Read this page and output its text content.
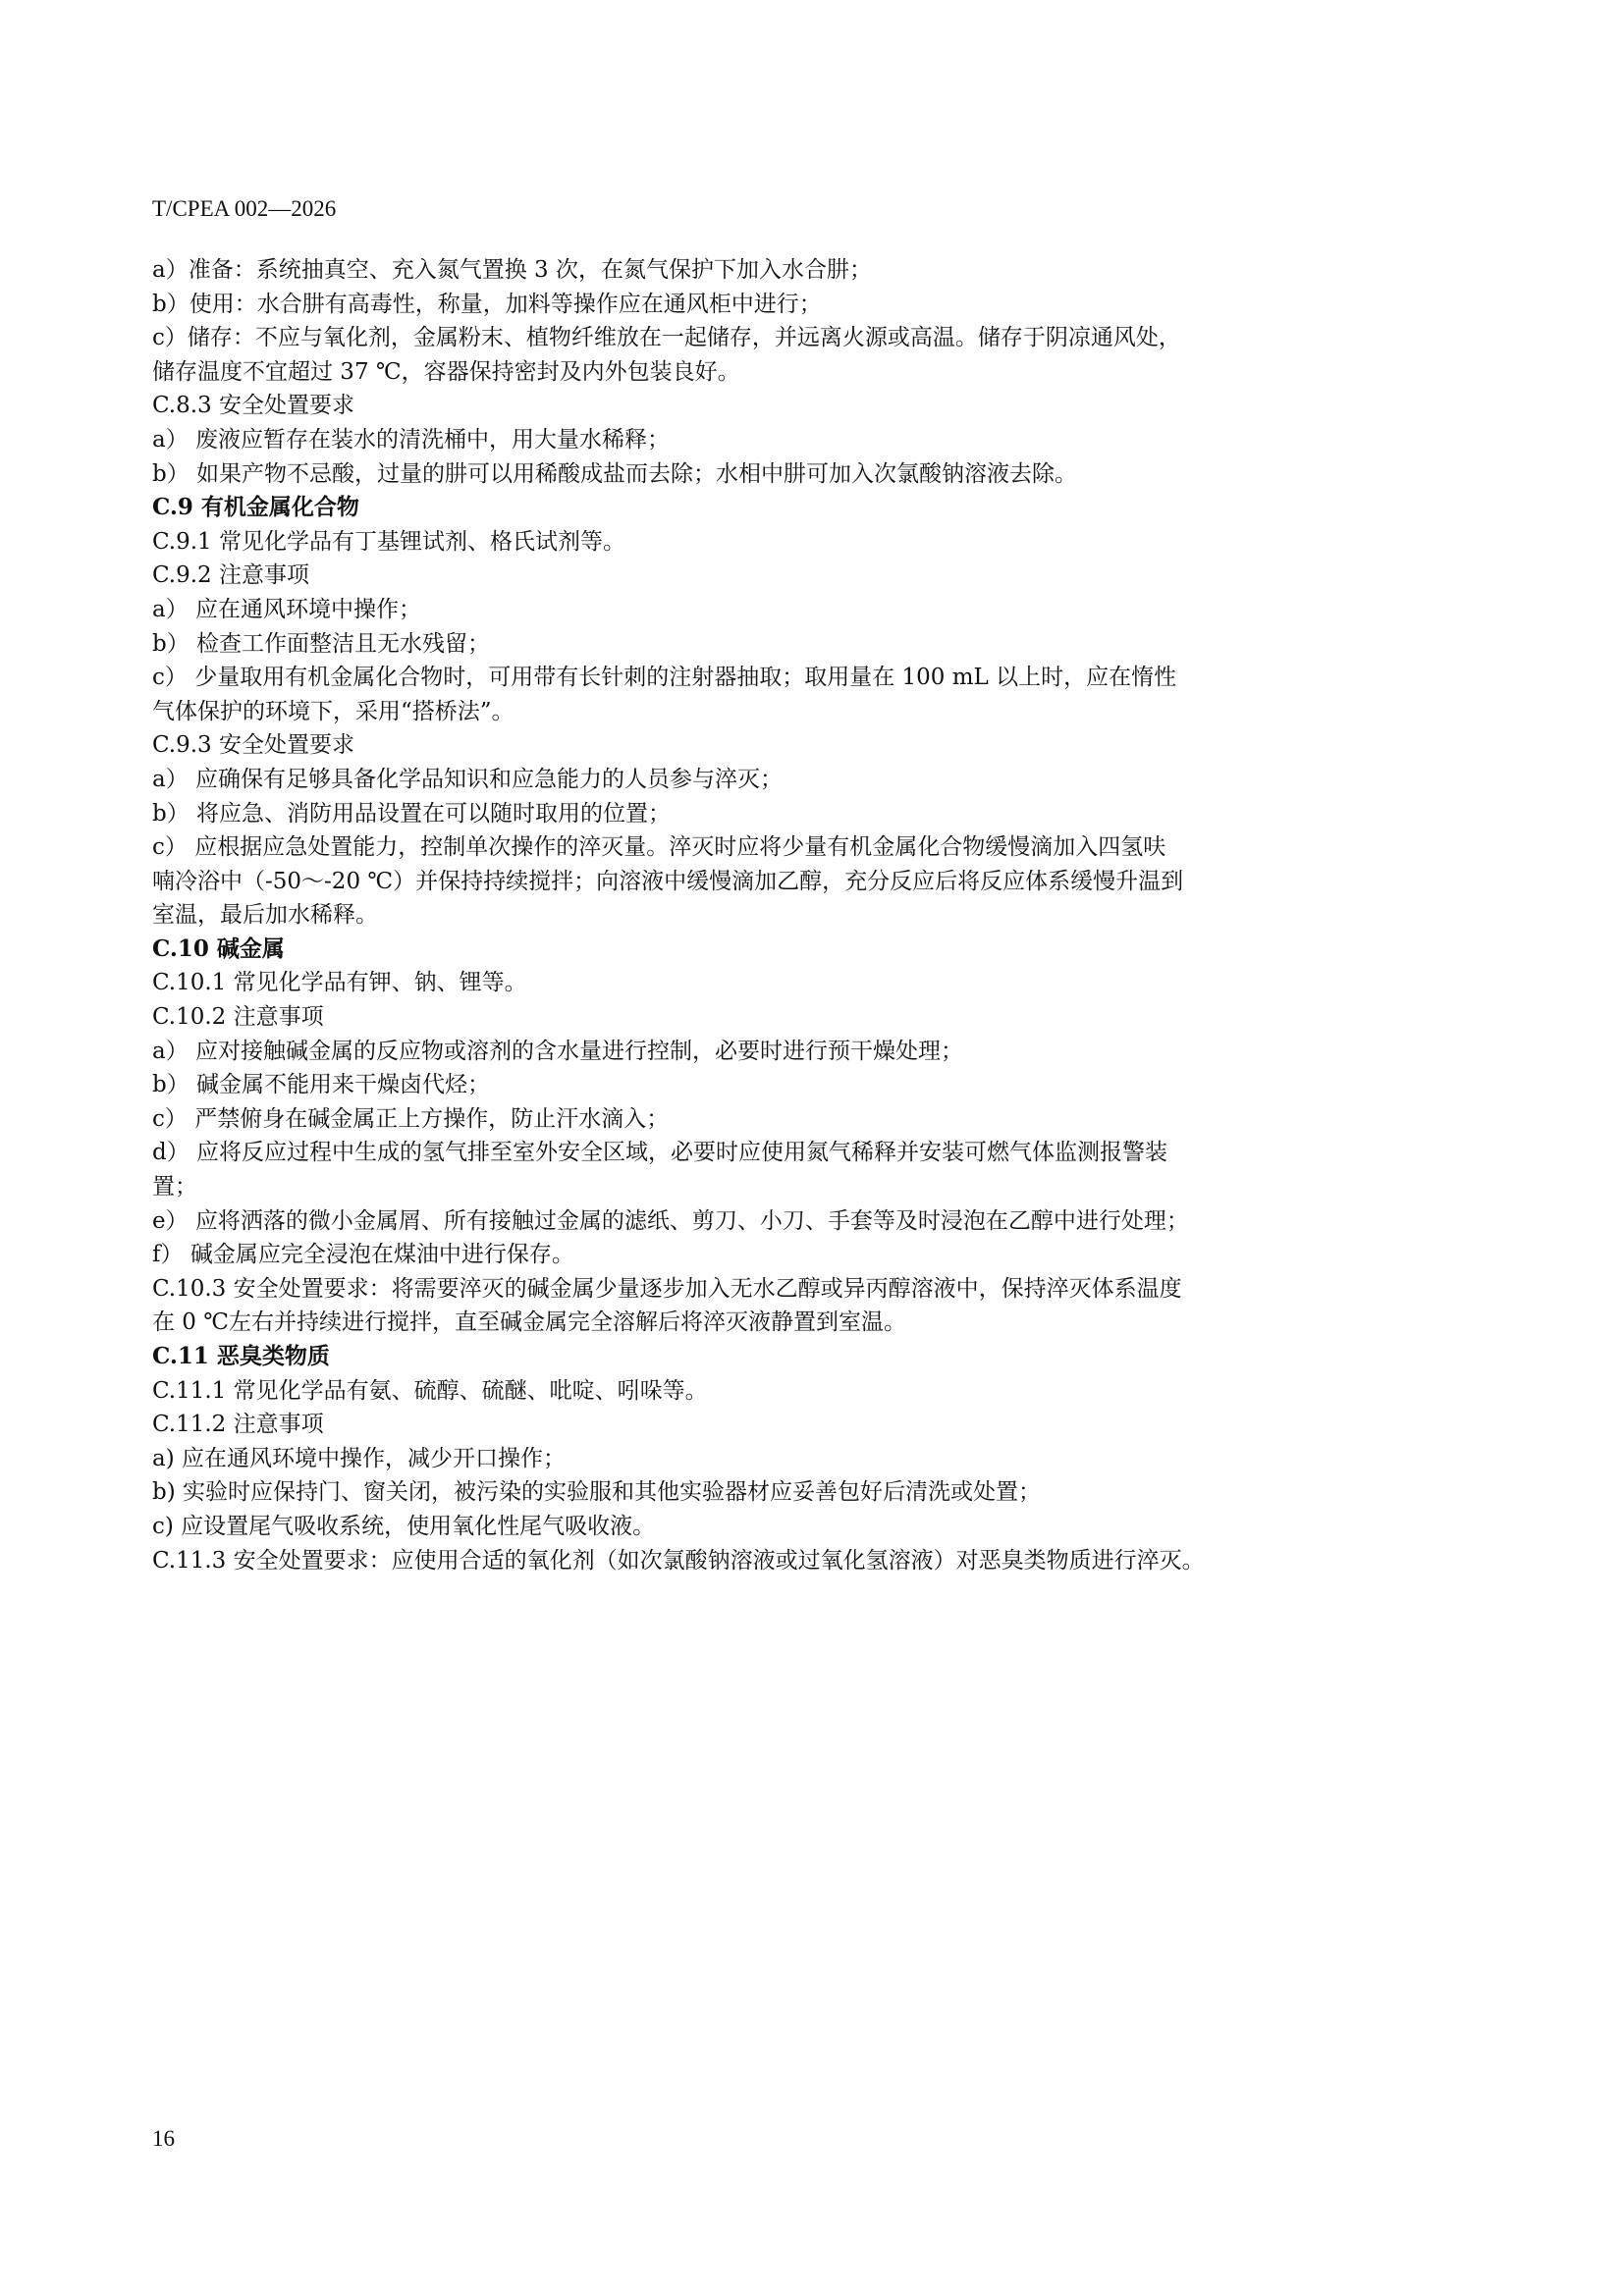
T/CPEA 002—2026
a）准备：系统抽真空、充入氮气置换 3 次，在氮气保护下加入水合肼；
b）使用：水合肼有高毒性，称量，加料等操作应在通风柜中进行；
c）储存：不应与氧化剂，金属粉末、植物纤维放在一起储存，并远离火源或高温。储存于阴凉通风处，
储存温度不宜超过 37 ℃，容器保持密封及内外包装良好。
C.8.3 安全处置要求
a） 废液应暂存在装水的清洗桶中，用大量水稀释；
b） 如果产物不忌酸，过量的肼可以用稀酸成盐而去除；水相中肼可加入次氯酸钠溶液去除。
C.9 有机金属化合物
C.9.1 常见化学品有丁基锂试剂、格氏试剂等。
C.9.2 注意事项
a） 应在通风环境中操作；
b） 检查工作面整洁且无水残留；
c） 少量取用有机金属化合物时，可用带有长针刺的注射器抽取；取用量在 100 mL 以上时，应在惰性
气体保护的环境下，采用“搭桥法”。
C.9.3 安全处置要求
a） 应确保有足够具备化学品知识和应急能力的人员参与淬灭；
b） 将应急、消防用品设置在可以随时取用的位置；
c） 应根据应急处置能力，控制单次操作的淬灭量。淬灭时应将少量有机金属化合物缓慢滴加入四氢呋
喃冷浴中（-50～-20 ℃）并保持持续搅拌；向溶液中缓慢滴加乙醇，充分反应后将反应体系缓慢升温到
室温，最后加水稀释。
C.10 碱金属
C.10.1 常见化学品有钾、钠、锂等。
C.10.2 注意事项
a） 应对接触碱金属的反应物或溶剂的含水量进行控制，必要时进行预干燥处理；
b） 碱金属不能用来干燥卤代烃；
c） 严禁俯身在碱金属正上方操作，防止汗水滴入；
d） 应将反应过程中生成的氢气排至室外安全区域，必要时应使用氮气稀释并安装可燃气体监测报警装
置；
e） 应将洒落的微小金属屑、所有接触过金属的滤纸、剪刀、小刀、手套等及时浸泡在乙醇中进行处理；
f） 碱金属应完全浸泡在煤油中进行保存。
C.10.3 安全处置要求：将需要淬灭的碱金属少量逐步加入无水乙醇或异丙醇溶液中，保持淬灭体系温度
在 0 ℃左右并持续进行搅拌，直至碱金属完全溶解后将淬灭液静置到室温。
C.11 恶臭类物质
C.11.1 常见化学品有氨、硫醇、硫醚、吡啶、吲哚等。
C.11.2 注意事项
a) 应在通风环境中操作，减少开口操作；
b) 实验时应保持门、窗关闭，被污染的实验服和其他实验器材应妥善包好后清洗或处置；
c) 应设置尾气吸收系统，使用氧化性尾气吸收液。
C.11.3 安全处置要求：应使用合适的氧化剂（如次氯酸钠溶液或过氧化氢溶液）对恶臭类物质进行淬灭。
16
